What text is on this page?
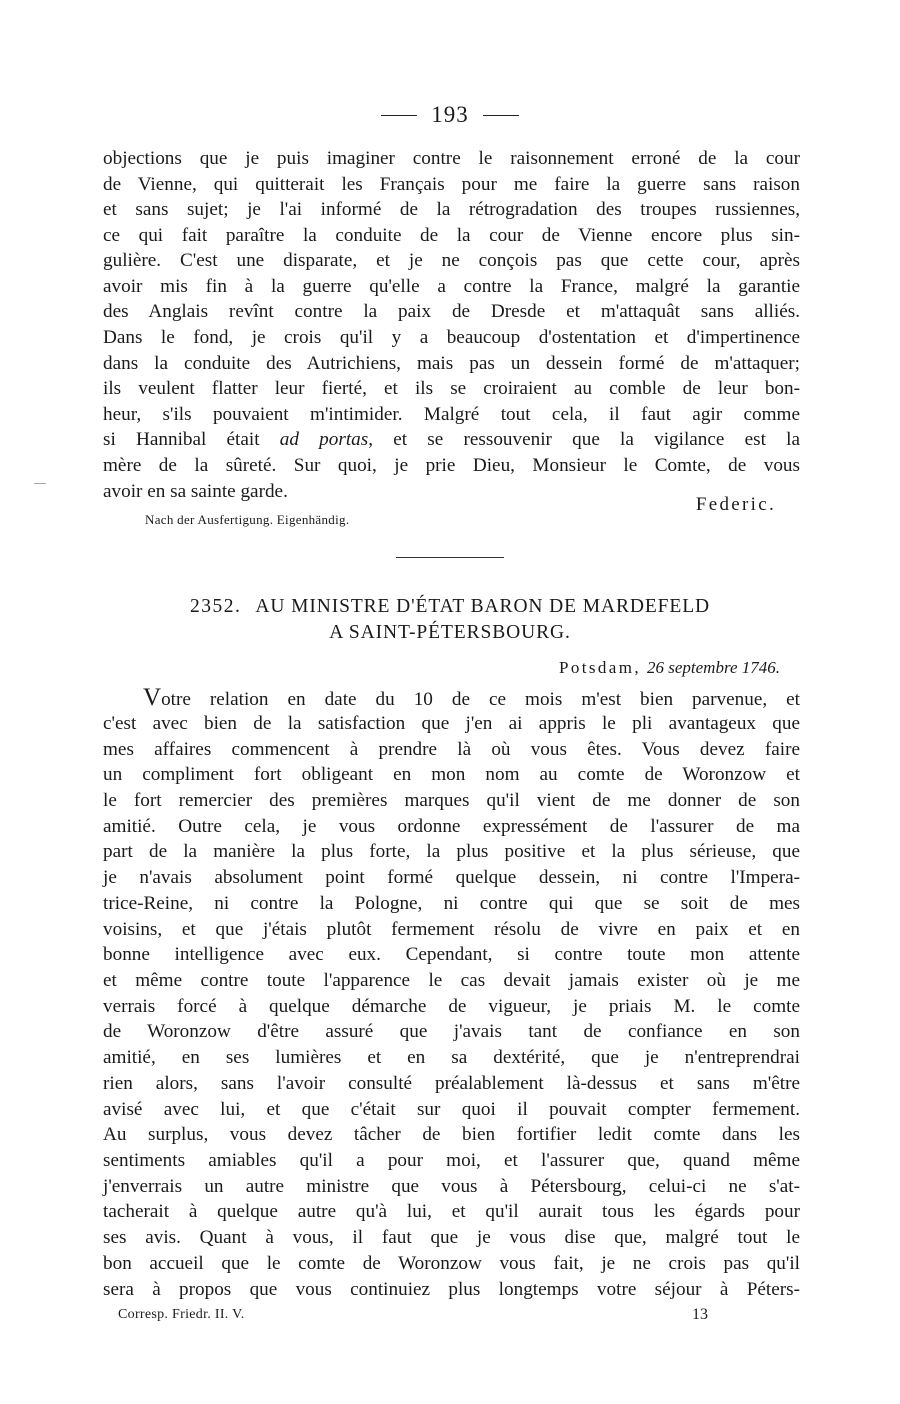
193
objections que je puis imaginer contre le raisonnement erroné de la cour
de Vienne, qui quitterait les Français pour me faire la guerre sans raison
et sans sujet; je l'ai informé de la rétrogradation des troupes russiennes,
ce qui fait paraître la conduite de la cour de Vienne encore plus sin-
gulière. C'est une disparate, et je ne conçois pas que cette cour, après
avoir mis fin à la guerre qu'elle a contre la France, malgré la garantie
des Anglais revînt contre la paix de Dresde et m'attaquât sans alliés.
Dans le fond, je crois qu'il y a beaucoup d'ostentation et d'impertinence
dans la conduite des Autrichiens, mais pas un dessein formé de m'attaquer;
ils veulent flatter leur fierté, et ils se croiraient au comble de leur bon-
heur, s'ils pouvaient m'intimider. Malgré tout cela, il faut agir comme
si Hannibal était ad portas, et se ressouvenir que la vigilance est la
mère de la sûreté. Sur quoi, je prie Dieu, Monsieur le Comte, de vous
avoir en sa sainte garde.
Federic.
Nach der Ausfertigung. Eigenhändig.
2352. AU MINISTRE D'ÉTAT BARON DE MARDEFELD
A SAINT-PÉTERSBOURG.
Potsdam, 26 septembre 1746.
Votre relation en date du 10 de ce mois m'est bien parvenue, et
c'est avec bien de la satisfaction que j'en ai appris le pli avantageux que
mes affaires commencent à prendre là où vous êtes. Vous devez faire
un compliment fort obligeant en mon nom au comte de Woronzow et
le fort remercier des premières marques qu'il vient de me donner de son
amitié. Outre cela, je vous ordonne expressément de l'assurer de ma
part de la manière la plus forte, la plus positive et la plus sérieuse, que
je n'avais absolument point formé quelque dessein, ni contre l'Impera-
trice-Reine, ni contre la Pologne, ni contre qui que se soit de mes
voisins, et que j'étais plutôt fermement résolu de vivre en paix et en
bonne intelligence avec eux. Cependant, si contre toute mon attente
et même contre toute l'apparence le cas devait jamais exister où je me
verrais forcé à quelque démarche de vigueur, je priais M. le comte
de Woronzow d'être assuré que j'avais tant de confiance en son
amitié, en ses lumières et en sa dextérité, que je n'entreprendrai
rien alors, sans l'avoir consulté préalablement là-dessus et sans m'être
avisé avec lui, et que c'était sur quoi il pouvait compter fermement.
Au surplus, vous devez tâcher de bien fortifier ledit comte dans les
sentiments amiables qu'il a pour moi, et l'assurer que, quand même
j'enverrais un autre ministre que vous à Pétersbourg, celui-ci ne s'at-
tacherait à quelque autre qu'à lui, et qu'il aurait tous les égards pour
ses avis. Quant à vous, il faut que je vous dise que, malgré tout le
bon accueil que le comte de Woronzow vous fait, je ne crois pas qu'il
sera à propos que vous continuiez plus longtemps votre séjour à Péters-
Corresp. Friedr. II. V.	13
